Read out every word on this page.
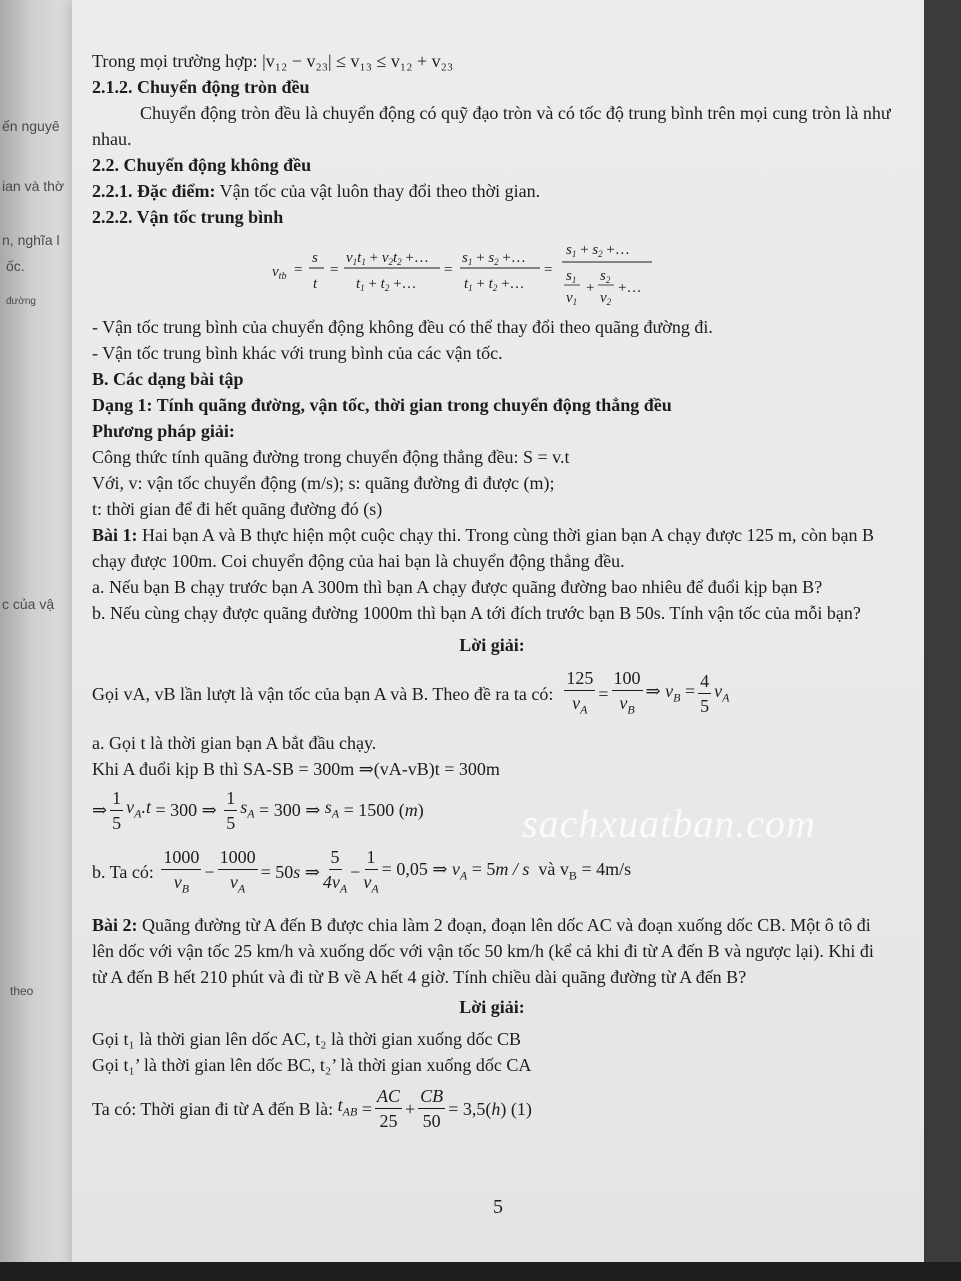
ến nguyê
ian và thờ
n, nghĩa l
ốc.
đường
c của vậ
theo

Trong mọi trường hợp: |v₁₂ − v₂₃| ≤ v₁₃ ≤ v₁₂ + v₂₃

2.1.2. Chuyển động tròn đều

Chuyển động tròn đều là chuyển động có quỹ đạo tròn và có tốc độ trung bình trên mọi cung tròn là như nhau.

2.2. Chuyển động không đều

2.2.1. Đặc điểm: Vận tốc của vật luôn thay đổi theo thời gian.

2.2.2. Vận tốc trung bình

$v_{tb}$ =
s
t
=
$v_1t_1 + v_2t_2$ +…
$t_1 + t_2$ +…
=
$s_1 + s_2$ +…
$t_1 + t_2$ +…
=
$s_1 + s_2$ +…
$s_1$
$v_1$
+
$s_2$
$v_2$
+…

- Vận tốc trung bình của chuyển động không đều có thể thay đổi theo quãng đường đi.

- Vận tốc trung bình khác với trung bình của các vận tốc.

B. Các dạng bài tập

Dạng 1: Tính quãng đường, vận tốc, thời gian trong chuyển động thẳng đều

Phương pháp giải:

Công thức tính quãng đường trong chuyển động thẳng đều: S = v.t

Với, v: vận tốc chuyển động (m/s); s: quãng đường đi được (m);

t: thời gian để đi hết quãng đường đó (s)

Bài 1: Hai bạn A và B thực hiện một cuộc chạy thi. Trong cùng thời gian bạn A chạy được 125 m, còn bạn B chạy được 100m. Coi chuyển động của hai bạn là chuyển động thẳng đều.

a. Nếu bạn B chạy trước bạn A 300m thì bạn A chạy được quãng đường bao nhiêu để đuổi kịp bạn B?

b. Nếu cùng chạy được quãng đường 1000m thì bạn A tới đích trước bạn B 50s. Tính vận tốc của mỗi bạn?

Lời giải:

Gọi vA, vB lần lượt là vận tốc của bạn A và B. Theo đề ra ta có: $\frac{125}{v_A} = \frac{100}{v_B}$ ⇒ $v_B = \frac{4}{5} v_A$

a. Gọi t là thời gian bạn A bắt đầu chạy.

Khi A đuổi kịp B thì SA-SB = 300m ⇒(vA-vB)t = 300m

⇒ $\frac{1}{5} v_A.t = 300$ ⇒ $\frac{1}{5} s_A = 300$ ⇒ $s_A = 1500$ ( m )

b. Ta có: $\frac{1000}{v_B} - \frac{1000}{v_A} = 50s$ ⇒ $\frac{5}{4v_A} - \frac{1}{v_A} = 0,05$ ⇒ $v_A = 5m / s$  và $v_B = 4m/s$

Bài 2: Quãng đường từ A đến B được chia làm 2 đoạn, đoạn lên dốc AC và đoạn xuống dốc CB. Một ô tô đi lên dốc với vận tốc 25 km/h và xuống dốc với vận tốc 50 km/h (kể cả khi đi từ A đến B và ngược lại). Khi đi từ A đến B hết 210 phút và đi từ B về A hết 4 giờ. Tính chiều dài quãng đường từ A đến B?

Lời giải:

Gọi t₁ là thời gian lên dốc AC, t₂ là thời gian xuống dốc CB

Gọi t₁’ là thời gian lên dốc BC, t₂’ là thời gian xuống dốc CA

Ta có: Thời gian đi từ A đến B là: $t_{AB} = \frac{AC}{25} + \frac{CB}{50} = 3,5(h)$ (1)

sachxuatban.com
5
